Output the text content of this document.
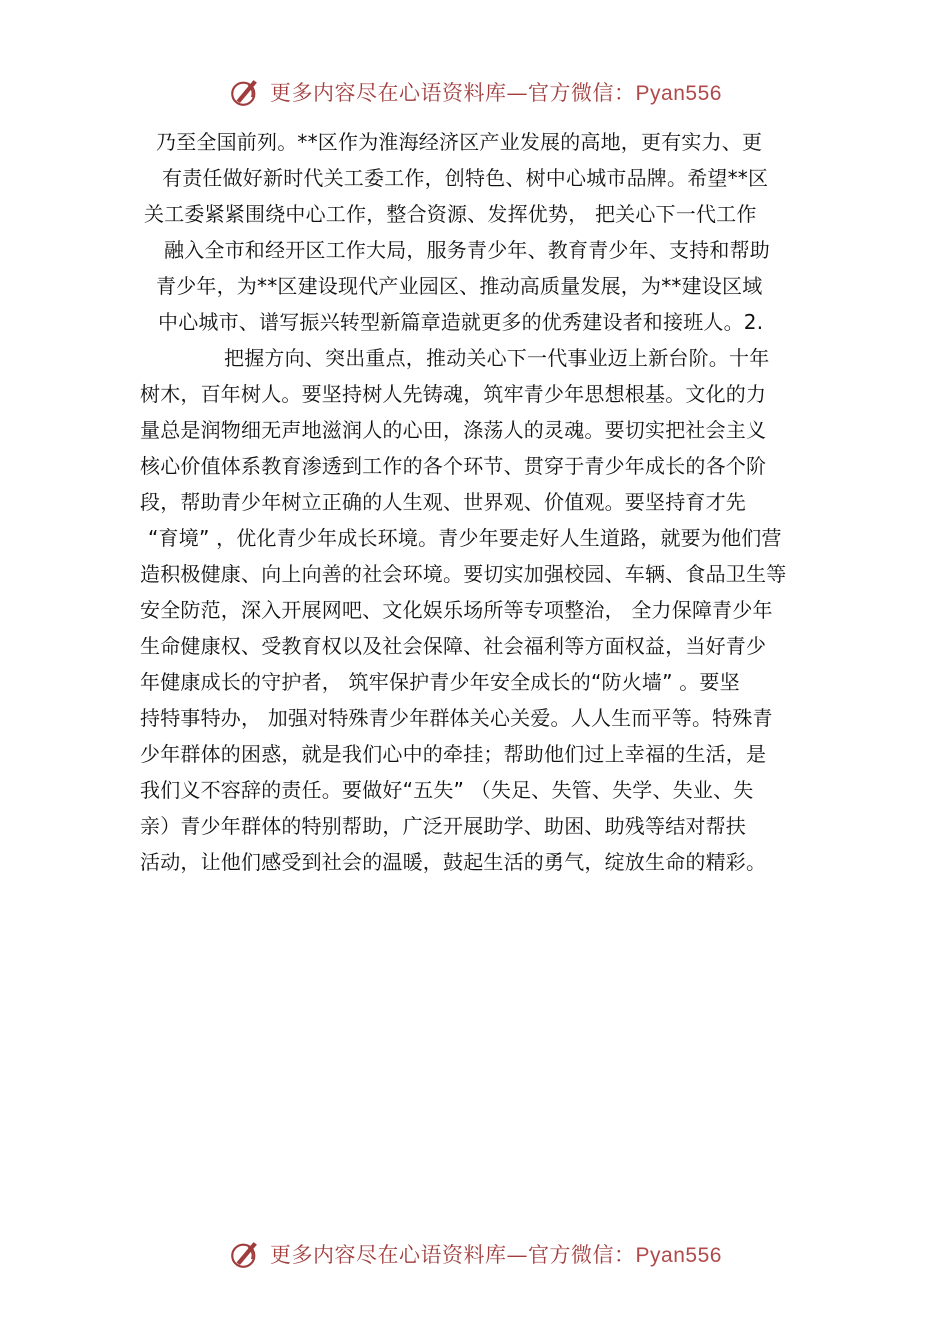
更多内容尽在心语资料库—官方微信：Pyan556
乃至全国前列。**区作为淮海经济区产业发展的高地，更有实力、更
有责任做好新时代关工委工作，创特色、树中心城市品牌。希望**区
关工委紧紧围绕中心工作，整合资源、发挥优势， 把关心下一代工作
融入全市和经开区工作大局，服务青少年、教育青少年、支持和帮助
青少年，为**区建设现代产业园区、推动高质量发展，为**建设区域
中心城市、谱写振兴转型新篇章造就更多的优秀建设者和接班人。2.
把握方向、突出重点，推动关心下一代事业迈上新台阶。十年
树木，百年树人。要坚持树人先铸魂，筑牢青少年思想根基。文化的力
量总是润物细无声地滋润人的心田，涤荡人的灵魂。要切实把社会主义
核心价值体系教育渗透到工作的各个环节、贯穿于青少年成长的各个阶
段，帮助青少年树立正确的人生观、世界观、价值观。要坚持育才先
“育境” ，优化青少年成长环境。青少年要走好人生道路，就要为他们营
造积极健康、向上向善的社会环境。要切实加强校园、车辆、食品卫生等
安全防范，深入开展网吧、文化娱乐场所等专项整治， 全力保障青少年
生命健康权、受教育权以及社会保障、社会福利等方面权益，当好青少
年健康成长的守护者， 筑牢保护青少年安全成长的“防火墙” 。要坚
持特事特办， 加强对特殊青少年群体关心关爱。人人生而平等。特殊青
少年群体的困惑，就是我们心中的牵挂；帮助他们过上幸福的生活，是
我们义不容辞的责任。要做好“五失” （失足、失管、失学、失业、失
亲）青少年群体的特别帮助，广泛开展助学、助困、助残等结对帮扶
活动，让他们感受到社会的温暖，鼓起生活的勇气，绽放生命的精彩。
更多内容尽在心语资料库—官方微信：Pyan556
